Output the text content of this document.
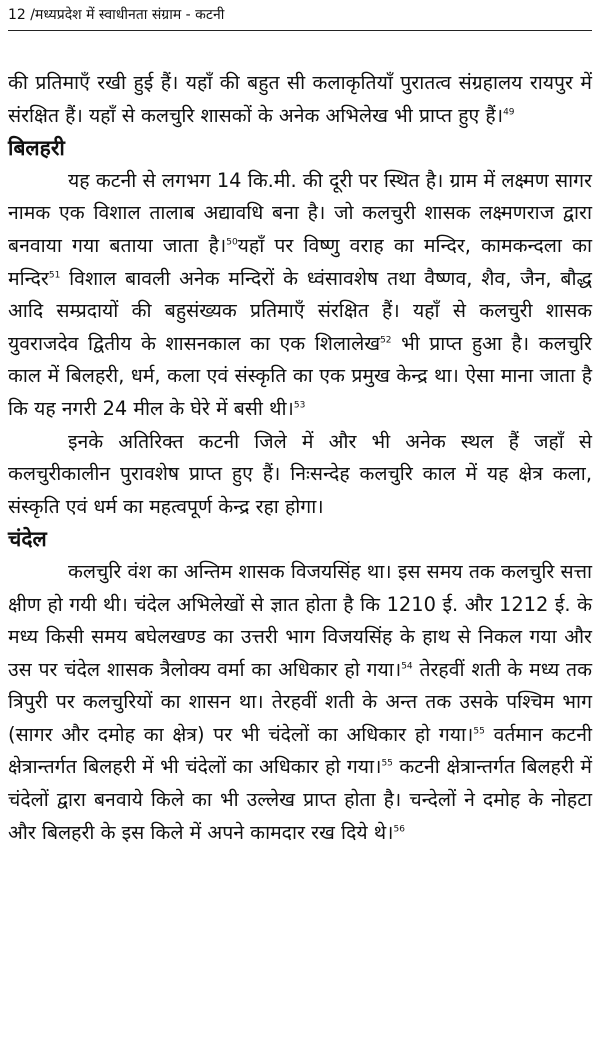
12 /मध्यप्रदेश में स्वाधीनता संग्राम - कटनी

की प्रतिमाएँ रखी हुई हैं। यहाँ की बहुत सी कलाकृतियाँ पुरातत्व संग्रहालय रायपुर में संरक्षित हैं। यहाँ से कलचुरि शासकों के अनेक अभिलेख भी प्राप्त हुए हैं।$^{49}$

बिलहरी

यह कटनी से लगभग 14 कि.मी. की दूरी पर स्थित है। ग्राम में लक्ष्मण सागर नामक एक विशाल तालाब अद्यावधि बना है। जो कलचुरी शासक लक्ष्मणराज द्वारा बनवाया गया बताया जाता है।$^{50}$यहाँ पर विष्णु वराह का मन्दिर, कामकन्दला का मन्दिर$^{51}$ विशाल बावली अनेक मन्दिरों के ध्वंसावशेष तथा वैष्णव, शैव, जैन, बौद्ध आदि सम्प्रदायों की बहुसंख्यक प्रतिमाएँ संरक्षित हैं। यहाँ से कलचुरी शासक युवराजदेव द्वितीय के शासनकाल का एक शिलालेख$^{52}$ भी प्राप्त हुआ है। कलचुरि काल में बिलहरी, धर्म, कला एवं संस्कृति का एक प्रमुख केन्द्र था। ऐसा माना जाता है कि यह नगरी 24 मील के घेरे में बसी थी।$^{53}$

इनके अतिरिक्त कटनी जिले में और भी अनेक स्थल हैं जहाँ से कलचुरीकालीन पुरावशेष प्राप्त हुए हैं। निःसन्देह कलचुरि काल में यह क्षेत्र कला, संस्कृति एवं धर्म का महत्वपूर्ण केन्द्र रहा होगा।

चंदेल

कलचुरि वंश का अन्तिम शासक विजयसिंह था। इस समय तक कलचुरि सत्ता क्षीण हो गयी थी। चंदेल अभिलेखों से ज्ञात होता है कि 1210 ई. और 1212 ई. के मध्य किसी समय बघेलखण्ड का उत्तरी भाग विजयसिंह के हाथ से निकल गया और उस पर चंदेल शासक त्रैलोक्य वर्मा का अधिकार हो गया।$^{54}$ तेरहवीं शती के मध्य तक त्रिपुरी पर कलचुरियों का शासन था। तेरहवीं शती के अन्त तक उसके पश्चिम भाग (सागर और दमोह का क्षेत्र) पर भी चंदेलों का अधिकार हो गया।$^{55}$ वर्तमान कटनी क्षेत्रान्तर्गत बिलहरी में भी चंदेलों का अधिकार हो गया।$^{55}$ कटनी क्षेत्रान्तर्गत बिलहरी में चंदेलों द्वारा बनवाये किले का भी उल्लेख प्राप्त होता है। चन्देलों ने दमोह के नोहटा और बिलहरी के इस किले में अपने कामदार रख दिये थे।$^{56}$
